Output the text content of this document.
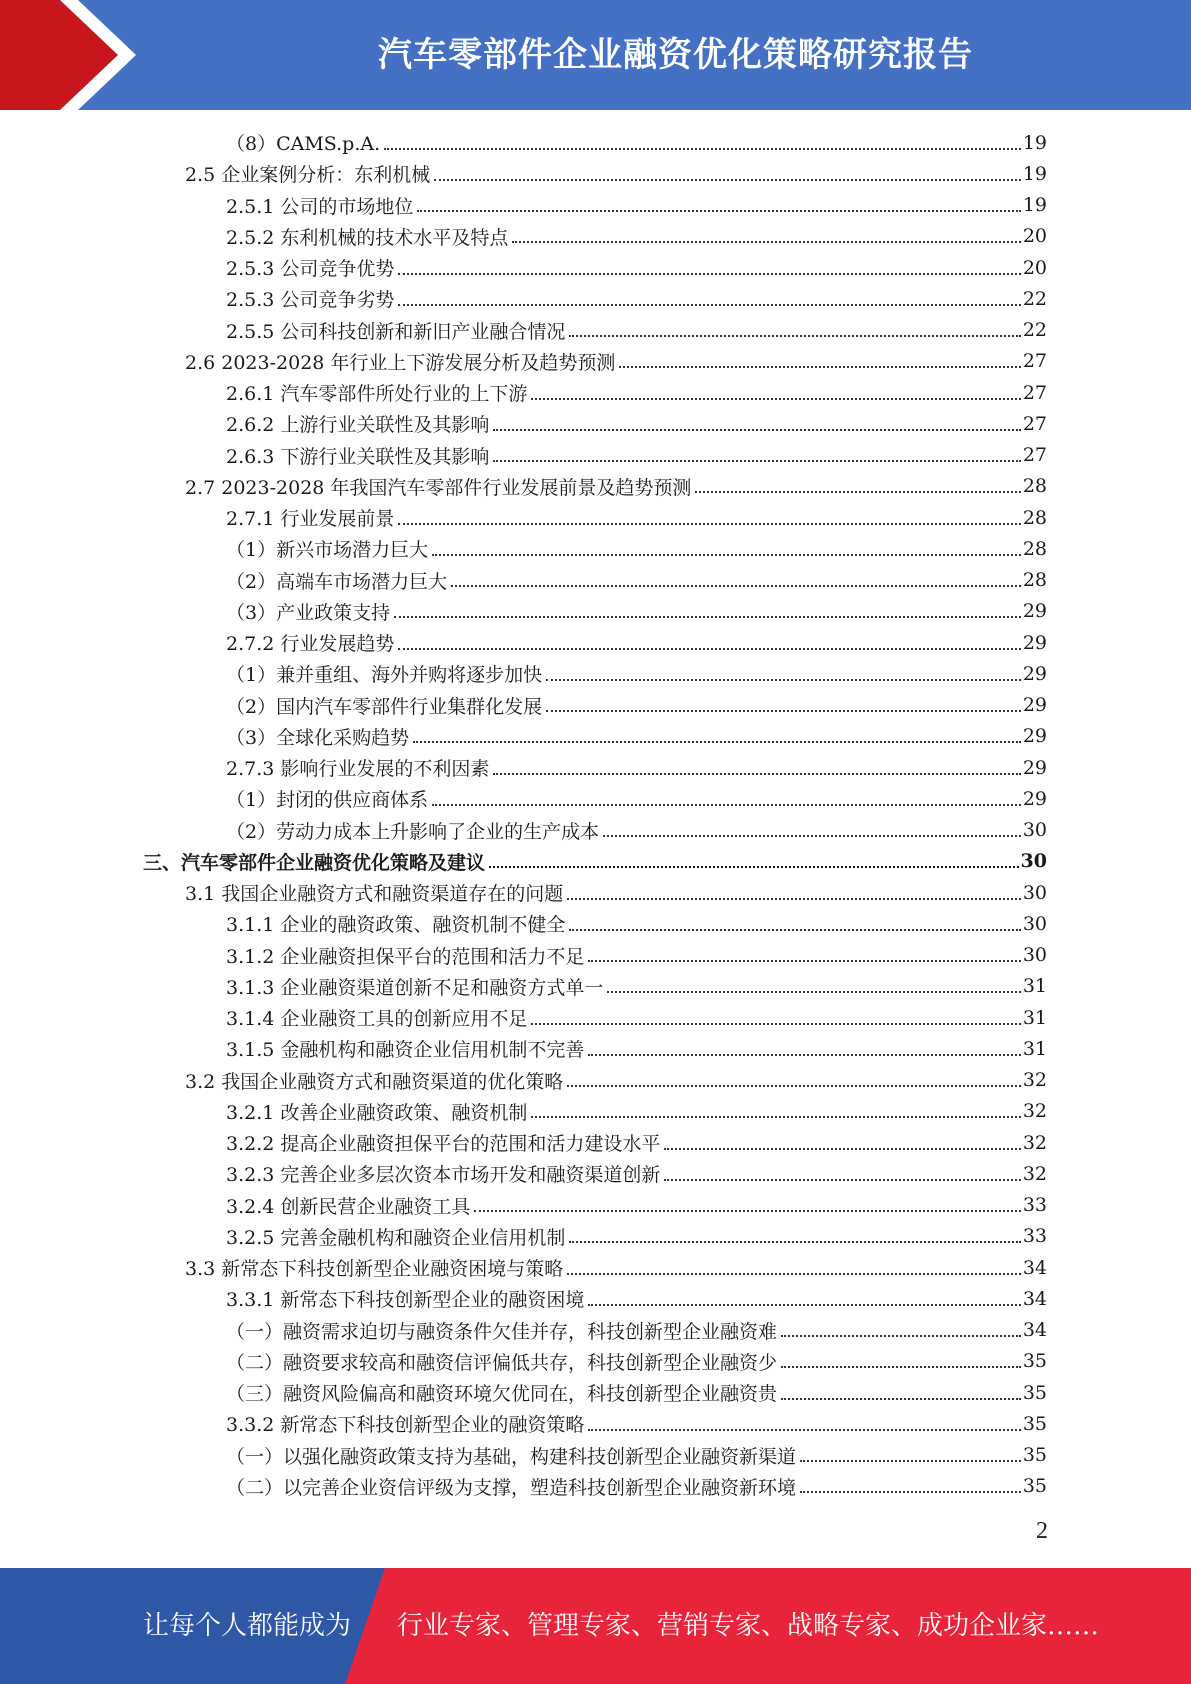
汽车零部件企业融资优化策略研究报告
（8）CAMS.p.A.	19
2.5 企业案例分析：东利机械	19
2.5.1 公司的市场地位	19
2.5.2 东利机械的技术水平及特点	20
2.5.3 公司竞争优势	20
2.5.3 公司竞争劣势	22
2.5.5 公司科技创新和新旧产业融合情况	22
2.6 2023-2028 年行业上下游发展分析及趋势预测	27
2.6.1 汽车零部件所处行业的上下游	27
2.6.2 上游行业关联性及其影响	27
2.6.3 下游行业关联性及其影响	27
2.7 2023-2028 年我国汽车零部件行业发展前景及趋势预测	28
2.7.1 行业发展前景	28
（1）新兴市场潜力巨大	28
（2）高端车市场潜力巨大	28
（3）产业政策支持	29
2.7.2 行业发展趋势	29
（1）兼并重组、海外并购将逐步加快	29
（2）国内汽车零部件行业集群化发展	29
（3）全球化采购趋势	29
2.7.3 影响行业发展的不利因素	29
（1）封闭的供应商体系	29
（2）劳动力成本上升影响了企业的生产成本	30
三、汽车零部件企业融资优化策略及建议	30
3.1 我国企业融资方式和融资渠道存在的问题	30
3.1.1 企业的融资政策、融资机制不健全	30
3.1.2 企业融资担保平台的范围和活力不足	30
3.1.3 企业融资渠道创新不足和融资方式单一	31
3.1.4 企业融资工具的创新应用不足	31
3.1.5 金融机构和融资企业信用机制不完善	31
3.2 我国企业融资方式和融资渠道的优化策略	32
3.2.1 改善企业融资政策、融资机制	32
3.2.2 提高企业融资担保平台的范围和活力建设水平	32
3.2.3 完善企业多层次资本市场开发和融资渠道创新	32
3.2.4 创新民营企业融资工具	33
3.2.5 完善金融机构和融资企业信用机制	33
3.3 新常态下科技创新型企业融资困境与策略	34
3.3.1 新常态下科技创新型企业的融资困境	34
（一）融资需求迫切与融资条件欠佳并存，科技创新型企业融资难	34
（二）融资要求较高和融资信评偏低共存，科技创新型企业融资少	35
（三）融资风险偏高和融资环境欠优同在，科技创新型企业融资贵	35
3.3.2 新常态下科技创新型企业的融资策略	35
（一）以强化融资政策支持为基础，构建科技创新型企业融资新渠道	35
（二）以完善企业资信评级为支撑，塑造科技创新型企业融资新环境	35
2
让每个人都能成为 行业专家、管理专家、营销专家、战略专家、成功企业家……
